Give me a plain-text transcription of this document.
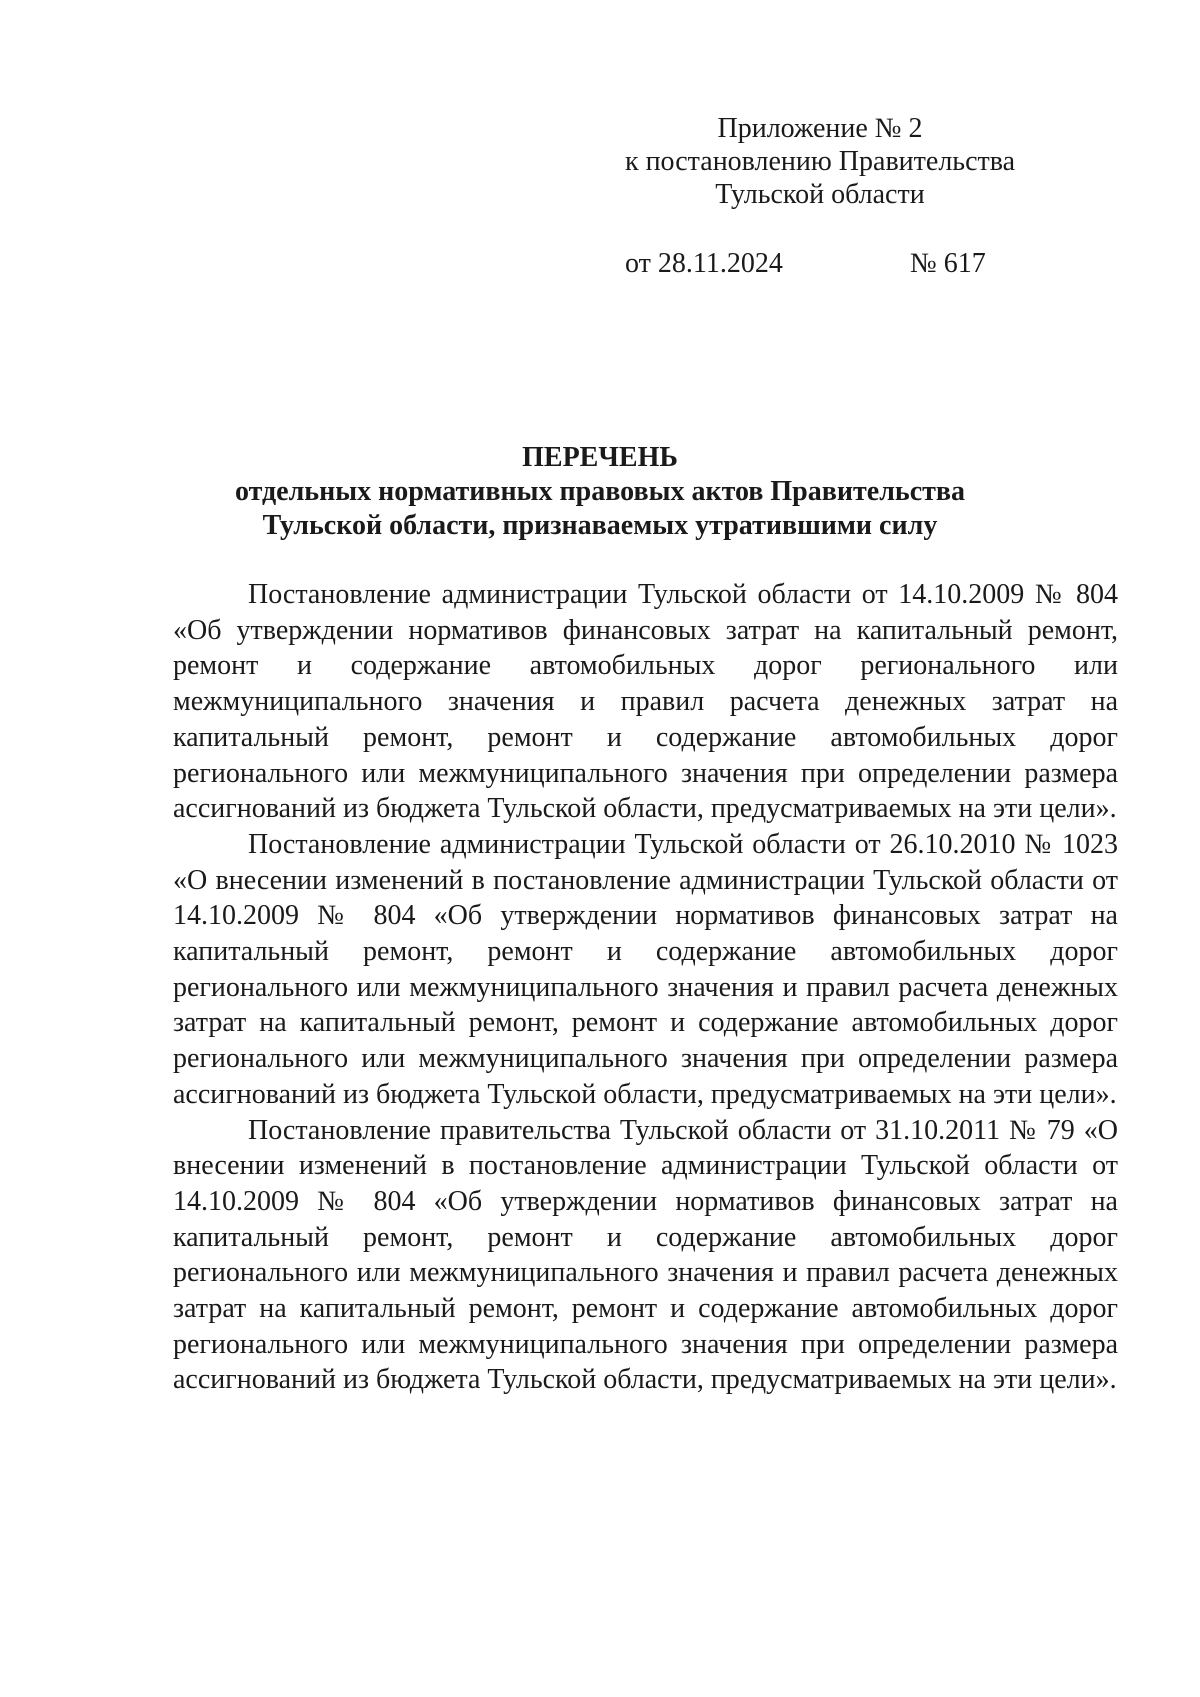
Приложение № 2
к постановлению Правительства
Тульской области
от 28.11.2024	№ 617
ПЕРЕЧЕНЬ
отдельных нормативных правовых актов Правительства
Тульской области, признаваемых утратившими силу

Постановление администрации Тульской области от 14.10.2009 № 804 «Об утверждении нормативов финансовых затрат на капитальный ремонт, ремонт и содержание автомобильных дорог регионального или межмуниципального значения и правил расчета денежных затрат на капитальный ремонт, ремонт и содержание автомобильных дорог регионального или межмуниципального значения при определении размера ассигнований из бюджета Тульской области, предусматриваемых на эти цели».

Постановление администрации Тульской области от 26.10.2010 № 1023 «О внесении изменений в постановление администрации Тульской области от 14.10.2009 № 804 «Об утверждении нормативов финансовых затрат на капитальный ремонт, ремонт и содержание автомобильных дорог регионального или межмуниципального значения и правил расчета денежных затрат на капитальный ремонт, ремонт и содержание автомобильных дорог регионального или межмуниципального значения при определении размера ассигнований из бюджета Тульской области, предусматриваемых на эти цели».

Постановление правительства Тульской области от 31.10.2011 № 79 «О внесении изменений в постановление администрации Тульской области от 14.10.2009 № 804 «Об утверждении нормативов финансовых затрат на капитальный ремонт, ремонт и содержание автомобильных дорог регионального или межмуниципального значения и правил расчета денежных затрат на капитальный ремонт, ремонт и содержание автомобильных дорог регионального или межмуниципального значения при определении размера ассигнований из бюджета Тульской области, предусматриваемых на эти цели».
